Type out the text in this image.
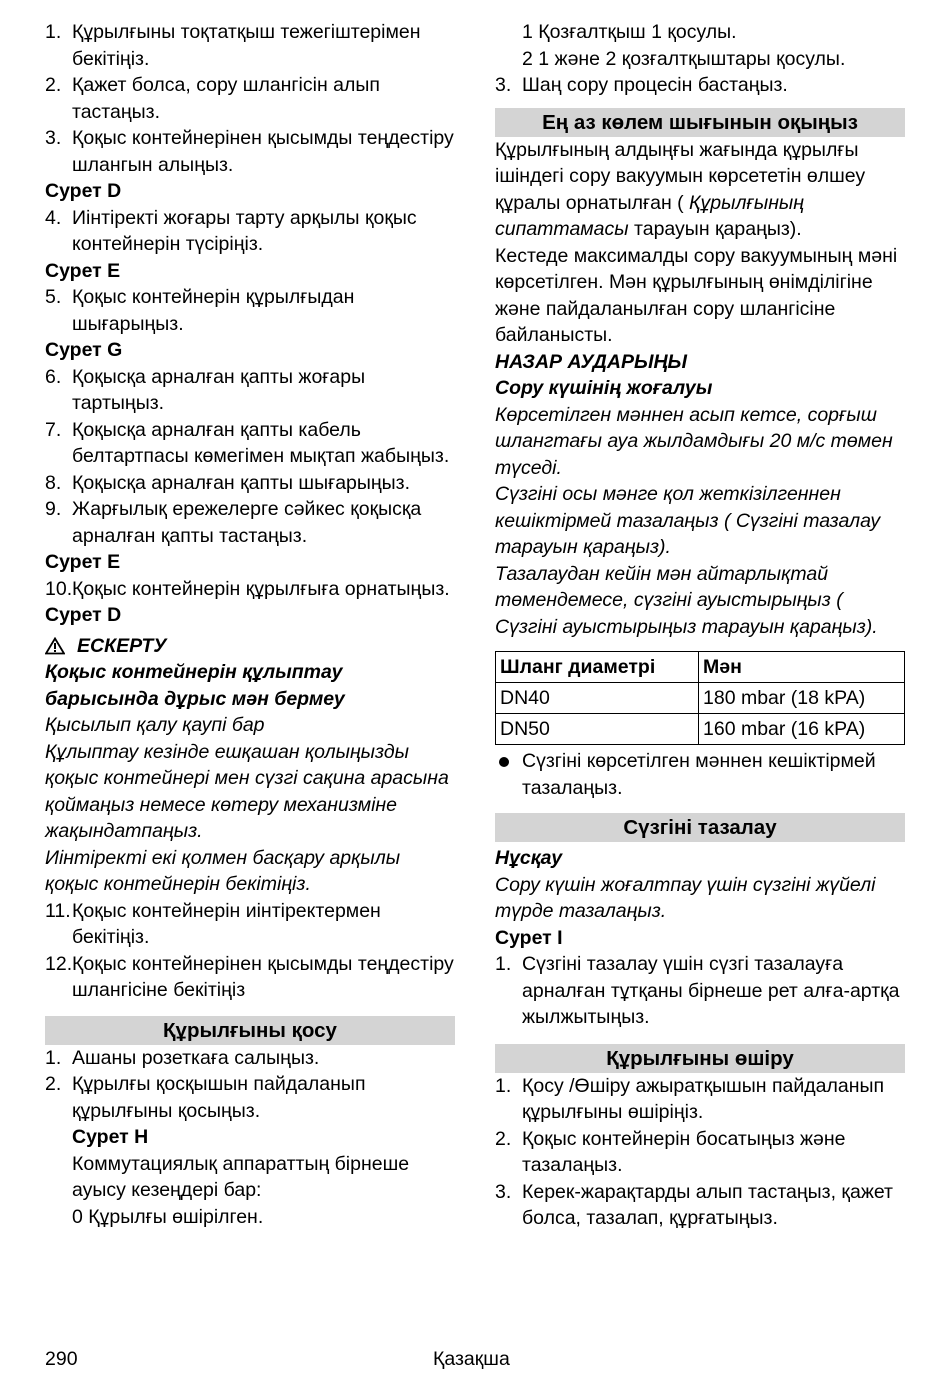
1. Құрылғыны тоқтатқыш тежегіштерімен бекітіңіз.
2. Қажет болса, сору шлангісін алып тастаңыз.
3. Қоқыс контейнерінен қысымды теңдестіру шлангын алыңыз.
Сурет D
4. Иінтіректі жоғары тарту арқылы қоқыс контейнерін түсіріңіз.
Сурет E
5. Қоқыс контейнерін құрылғыдан шығарыңыз.
Сурет G
6. Қоқысқа арналған қапты жоғары тартыңыз.
7. Қоқысқа арналған қапты кабель белтартпасы көмегімен мықтап жабыңыз.
8. Қоқысқа арналған қапты шығарыңыз.
9. Жарғылық ережелерге сәйкес қоқысқа арналған қапты тастаңыз.
Сурет E
10. Қоқыс контейнерін құрылғыға орнатыңыз.
Сурет D
ЕСКЕРТУ
Қоқыс контейнерін құлыптау барысында дұрыс мән бермеу
Қысылып қалу қаупі бар
Құлыптау кезінде ешқашан қолыңызды қоқыс контейнері мен сүзгі сақина арасына қоймаңыз немесе көтеру механизміне жақындатпаңыз.
Иінтіректі екі қолмен басқару арқылы қоқыс контейнерін бекітіңіз.
11. Қоқыс контейнерін иінтіректермен бекітіңіз.
12. Қоқыс контейнерінен қысымды теңдестіру шлангісіне бекітіңіз
Құрылғыны қосу
1. Ашаны розеткаға салыңыз.
2. Құрылғы қосқышын пайдаланып құрылғыны қосыңыз.
Сурет H
Коммутациялық аппараттың бірнеше ауысу кезеңдері бар:
0 Құрылғы өшірілген.
1 Қозғалтқыш 1 қосулы.
2 1 және 2 қозғалтқыштары қосулы.
3. Шаң сору процесін бастаңыз.
Ең аз көлем шығынын оқыңыз
Құрылғының алдыңғы жағында құрылғы ішіндегі сору вакуумын көрсететін өлшеу құралы орнатылған ( Құрылғының сипаттамасы тарауын қараңыз).
Кестеде максималды сору вакуумының мәні көрсетілген. Мән құрылғының өнімділігіне және пайдаланылған сору шлангісіне байланысты.
НАЗАР АУДАРЫҢЫ
Сору күшінің жоғалуы
Көрсетілген мәннен асып кетсе, сорғыш шлангтағы ауа жылдамдығы 20 м/с төмен түседі.
Сүзгіні осы мәнге қол жеткізілгеннен кешіктірмей тазалаңыз ( Сүзгіні тазалау тарауын қараңыз).
Тазалаудан кейін мән айтарлықтай төмендемесе, сүзгіні ауыстырыңыз ( Сүзгіні ауыстырыңыз тарауын қараңыз).
Шланг диаметрі	Мән
DN40	180 mbar (18 kPA)
DN50	160 mbar (16 kPA)
Сүзгіні көрсетілген мәннен кешіктірмей тазалаңыз.
Сүзгіні тазалау
Нұсқау
Сору күшін жоғалтпау үшін сүзгіні жүйелі түрде тазалаңыз.
Сурет I
1. Сүзгіні тазалау үшін сүзгі тазалауға арналған тұтқаны бірнеше рет алға-артқа жылжытыңыз.
Құрылғыны өшіру
1. Қосу /Өшіру ажыратқышын пайдаланып құрылғыны өшіріңіз.
2. Қоқыс контейнерін босатыңыз және тазалаңыз.
3. Керек-жарақтарды алып тастаңыз, қажет болса, тазалап, құрғатыңыз.
290	Қазақша
